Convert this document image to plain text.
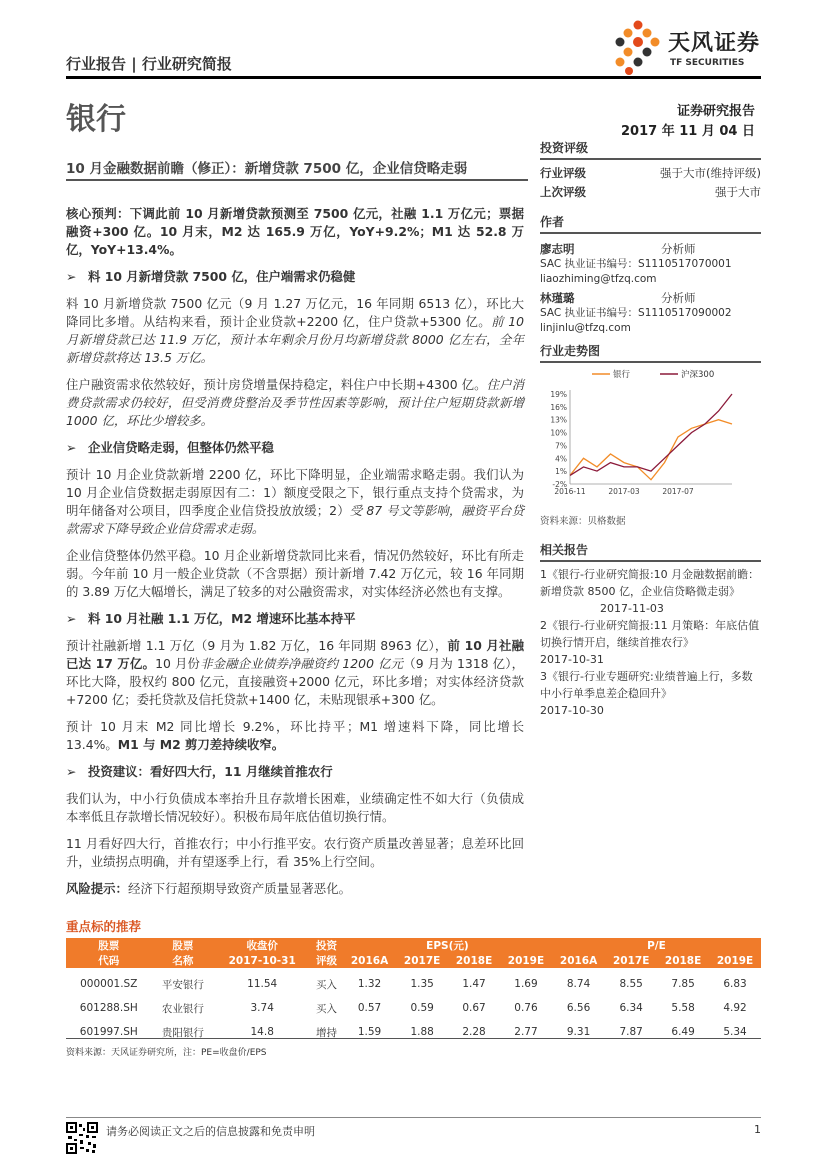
行业报告 | 行业研究简报
天风证券
TF SECURITIES
银行	证券研究报告
2017 年 11 月 04 日
10 月金融数据前瞻（修正）：新增贷款 7500 亿，企业信贷略走弱

核心预判：下调此前 10 月新增贷款预测至 7500 亿元，社融 1.1 万亿元；票据融资+300 亿。10 月末，M2 达 165.9 万亿，YoY+9.2%；M1 达 52.8 万亿，YoY+13.4%。

➢ 料 10 月新增贷款 7500 亿，住户端需求仍稳健

料 10 月新增贷款 7500 亿元（9 月 1.27 万亿元，16 年同期 6513 亿），环比大降同比多增。从结构来看，预计企业贷款+2200 亿，住户贷款+5300 亿。前 10 月新增贷款已达 11.9 万亿，预计本年剩余月份月均新增贷款 8000 亿左右，全年新增贷款将达 13.5 万亿。

住户融资需求依然较好，预计房贷增量保持稳定，料住户中长期+4300 亿。住户消费贷款需求仍较好，但受消费贷整治及季节性因素等影响，预计住户短期贷款新增 1000 亿，环比少增较多。

➢ 企业信贷略走弱，但整体仍然平稳

预计 10 月企业贷款新增 2200 亿，环比下降明显，企业端需求略走弱。我们认为 10 月企业信贷数据走弱原因有二：1）额度受限之下，银行重点支持个贷需求，为明年储备对公项目，四季度企业信贷投放放缓；2）受 87 号文等影响，融资平台贷款需求下降导致企业信贷需求走弱。

企业信贷整体仍然平稳。10 月企业新增贷款同比来看，情况仍然较好，环比有所走弱。今年前 10 月一般企业贷款（不含票据）预计新增 7.42 万亿元，较 16 年同期的 3.89 万亿大幅增长，满足了较多的对公融资需求，对实体经济必然也有支撑。

➢ 料 10 月社融 1.1 万亿，M2 增速环比基本持平

预计社融新增 1.1 万亿（9 月为 1.82 万亿，16 年同期 8963 亿），前 10 月社融已达 17 万亿。10 月份非金融企业债券净融资约 1200 亿元（9 月为 1318 亿），环比大降，股权约 800 亿元，直接融资+2000 亿元，环比多增；对实体经济贷款+7200 亿；委托贷款及信托贷款+1400 亿，未贴现银承+300 亿。

预计 10 月末 M2 同比增长 9.2%，环比持平；M1 增速料下降，同比增长 13.4%。M1 与 M2 剪刀差持续收窄。

➢ 投资建议：看好四大行，11 月继续首推农行

我们认为，中小行负债成本率抬升且存款增长困难，业绩确定性不如大行（负债成本率低且存款增长情况较好）。积极布局年底估值切换行情。

11 月看好四大行，首推农行；中小行推平安。农行资产质量改善显著；息差环比回升，业绩拐点明确，并有望逐季上行，看 35%上行空间。

风险提示：经济下行超预期导致资产质量显著恶化。

投资评级
行业评级	强于大市(维持评级)
上次评级	强于大市
作者
廖志明	分析师
SAC 执业证书编号：S1110517070001
liaozhiming@tfzq.com
林瑾璐	分析师
SAC 执业证书编号：S1110517090002
linjinlu@tfzq.com
行业走势图
19%
16%
13%
10%
7%
4%
1%
-2%
2016-11	2017-03	2017-07
银行	沪深300
资料来源：贝格数据
相关报告
1《银行-行业研究简报:10 月金融数据前瞻：新增贷款 8500 亿，企业信贷略微走弱》
2017-11-03
2《银行-行业研究简报:11 月策略：年底估值切换行情开启，继续首推农行》
2017-10-31
3《银行-行业专题研究:业绩普遍上行，多数中小行单季息差企稳回升》
2017-10-30
重点标的推荐
股票	股票	收盘价	投资	EPS(元)				P/E			
代码	名称	2017-10-31	评级	2016A	2017E	2018E	2019E	2016A	2017E	2018E	2019E
000001.SZ	平安银行	11.54	买入	1.32	1.35	1.47	1.69	8.74	8.55	7.85	6.83
601288.SH	农业银行	3.74	买入	0.57	0.59	0.67	0.76	6.56	6.34	5.58	4.92
601997.SH	贵阳银行	14.8	增持	1.59	1.88	2.28	2.77	9.31	7.87	6.49	5.34
资料来源：天风证券研究所，注：PE=收盘价/EPS
请务必阅读正文之后的信息披露和免责申明	1
